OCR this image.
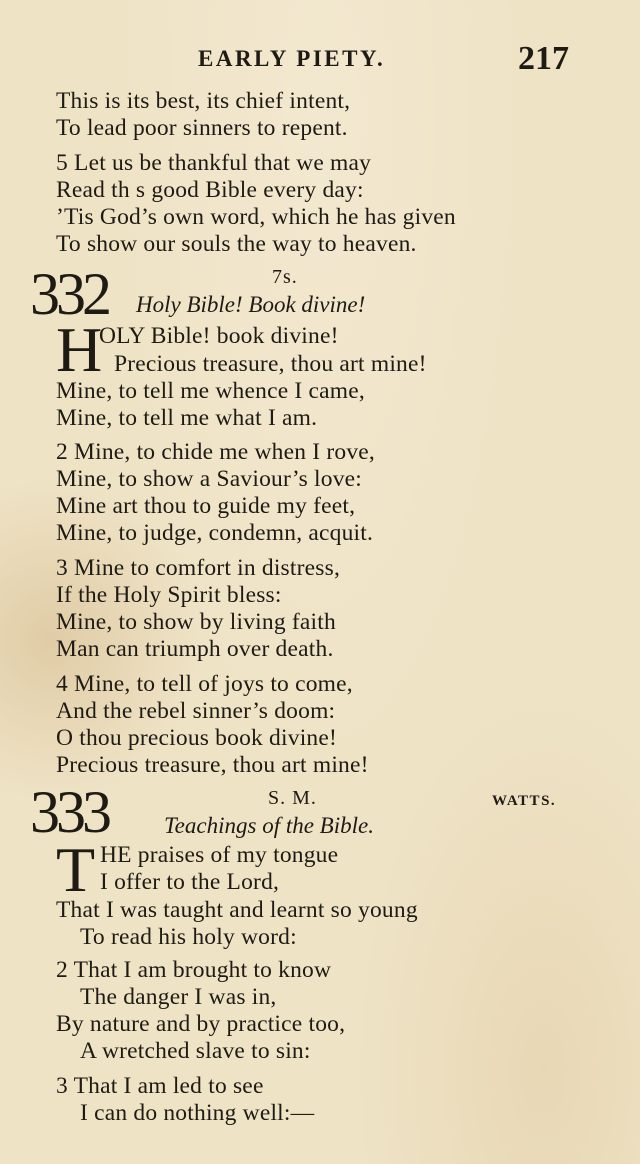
EARLY PIETY.	217
This is its best, its chief intent,
To lead poor sinners to repent.
5 Let us be thankful that we may
Read th s good Bible every day:
’Tis God’s own word, which he has given
To show our souls the way to heaven.
332	7s.
Holy Bible! Book divine!
H
OLY Bible! book divine!
Precious treasure, thou art mine!
Mine, to tell me whence I came,
Mine, to tell me what I am.
2 Mine, to chide me when I rove,
Mine, to show a Saviour’s love:
Mine art thou to guide my feet,
Mine, to judge, condemn, acquit.
3 Mine to comfort in distress,
If the Holy Spirit bless:
Mine, to show by living faith
Man can triumph over death.
4 Mine, to tell of joys to come,
And the rebel sinner’s doom:
O thou precious book divine!
Precious treasure, thou art mine!
333	S. M.	WATTS.
Teachings of the Bible.
T HE praises of my tongue
I offer to the Lord,
That I was taught and learnt so young
To read his holy word:
2 That I am brought to know
The danger I was in,
By nature and by practice too,
A wretched slave to sin:
3 That I am led to see
I can do nothing well:—
